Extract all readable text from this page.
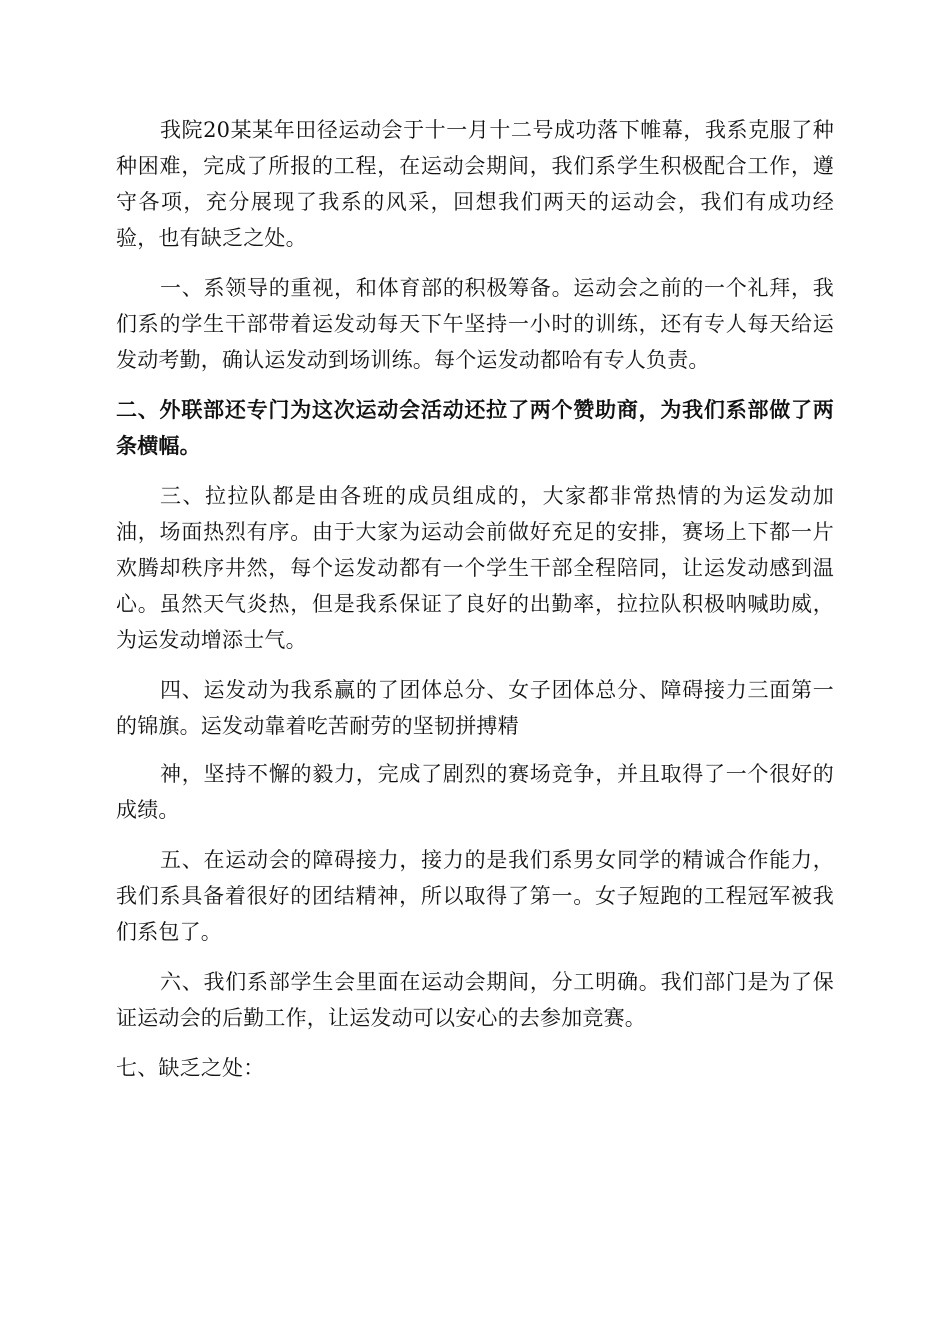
我院20某某年田径运动会于十一月十二号成功落下帷幕，我系克服了种种困难，完成了所报的工程，在运动会期间，我们系学生积极配合工作，遵守各项，充分展现了我系的风采，回想我们两天的运动会，我们有成功经验，也有缺乏之处。

一、系领导的重视，和体育部的积极筹备。运动会之前的一个礼拜，我们系的学生干部带着运发动每天下午坚持一小时的训练，还有专人每天给运发动考勤，确认运发动到场训练。每个运发动都哈有专人负责。

二、外联部还专门为这次运动会活动还拉了两个赞助商，为我们系部做了两条横幅。

三、拉拉队都是由各班的成员组成的，大家都非常热情的为运发动加油，场面热烈有序。由于大家为运动会前做好充足的安排，赛场上下都一片欢腾却秩序井然，每个运发动都有一个学生干部全程陪同，让运发动感到温心。虽然天气炎热，但是我系保证了良好的出勤率，拉拉队积极呐喊助威，为运发动增添士气。

四、运发动为我系赢的了团体总分、女子团体总分、障碍接力三面第一的锦旗。运发动靠着吃苦耐劳的坚韧拼搏精

神，坚持不懈的毅力，完成了剧烈的赛场竞争，并且取得了一个很好的成绩。

五、在运动会的障碍接力，接力的是我们系男女同学的精诚合作能力，我们系具备着很好的团结精神，所以取得了第一。女子短跑的工程冠军被我们系包了。

六、我们系部学生会里面在运动会期间，分工明确。我们部门是为了保证运动会的后勤工作，让运发动可以安心的去参加竞赛。

七、缺乏之处：
